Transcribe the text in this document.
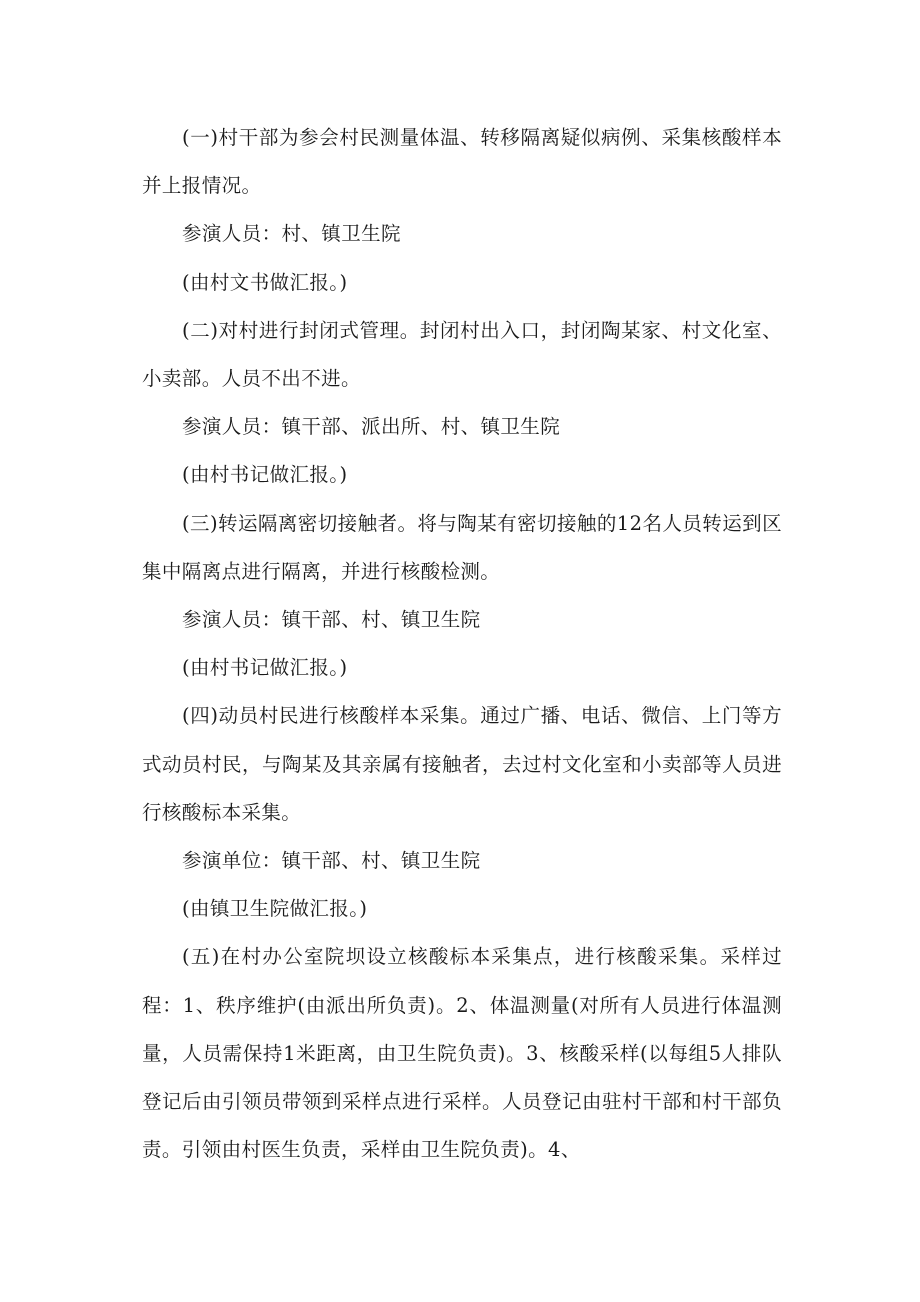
(一)村干部为参会村民测量体温、转移隔离疑似病例、采集核酸样本并上报情况。

参演人员：村、镇卫生院

(由村文书做汇报。)

(二)对村进行封闭式管理。封闭村出入口，封闭陶某家、村文化室、小卖部。人员不出不进。

参演人员：镇干部、派出所、村、镇卫生院

(由村书记做汇报。)

(三)转运隔离密切接触者。将与陶某有密切接触的12名人员转运到区集中隔离点进行隔离，并进行核酸检测。

参演人员：镇干部、村、镇卫生院

(由村书记做汇报。)

(四)动员村民进行核酸样本采集。通过广播、电话、微信、上门等方式动员村民，与陶某及其亲属有接触者，去过村文化室和小卖部等人员进行核酸标本采集。

参演单位：镇干部、村、镇卫生院

(由镇卫生院做汇报。)

(五)在村办公室院坝设立核酸标本采集点，进行核酸采集。采样过程：1、秩序维护(由派出所负责)。2、体温测量(对所有人员进行体温测量，人员需保持1米距离，由卫生院负责)。3、核酸采样(以每组5人排队登记后由引领员带领到采样点进行采样。人员登记由驻村干部和村干部负责。引领由村医生负责，采样由卫生院负责)。4、
